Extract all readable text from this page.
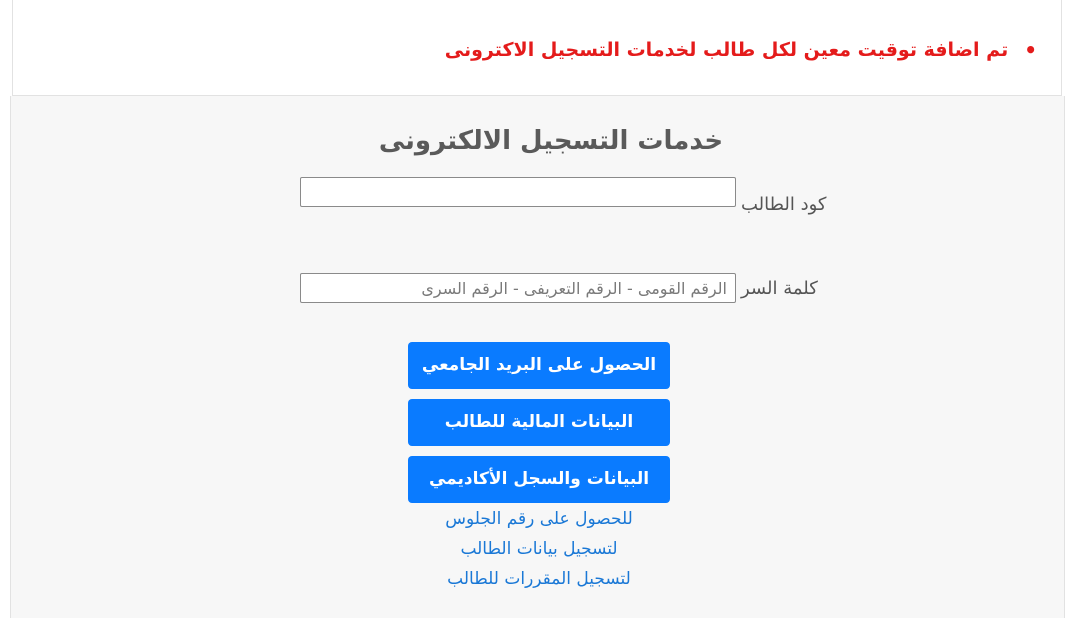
•
تم اضافة توقيت معين لكل طالب لخدمات التسجيل الاكترونى
خدمات التسجيل الالكترونى
كود الطالب
كلمة السر
الحصول على البريد الجامعي
البيانات المالية للطالب
البيانات والسجل الأكاديمي
للحصول على رقم الجلوس
لتسجيل بيانات الطالب
لتسجيل المقررات للطالب
